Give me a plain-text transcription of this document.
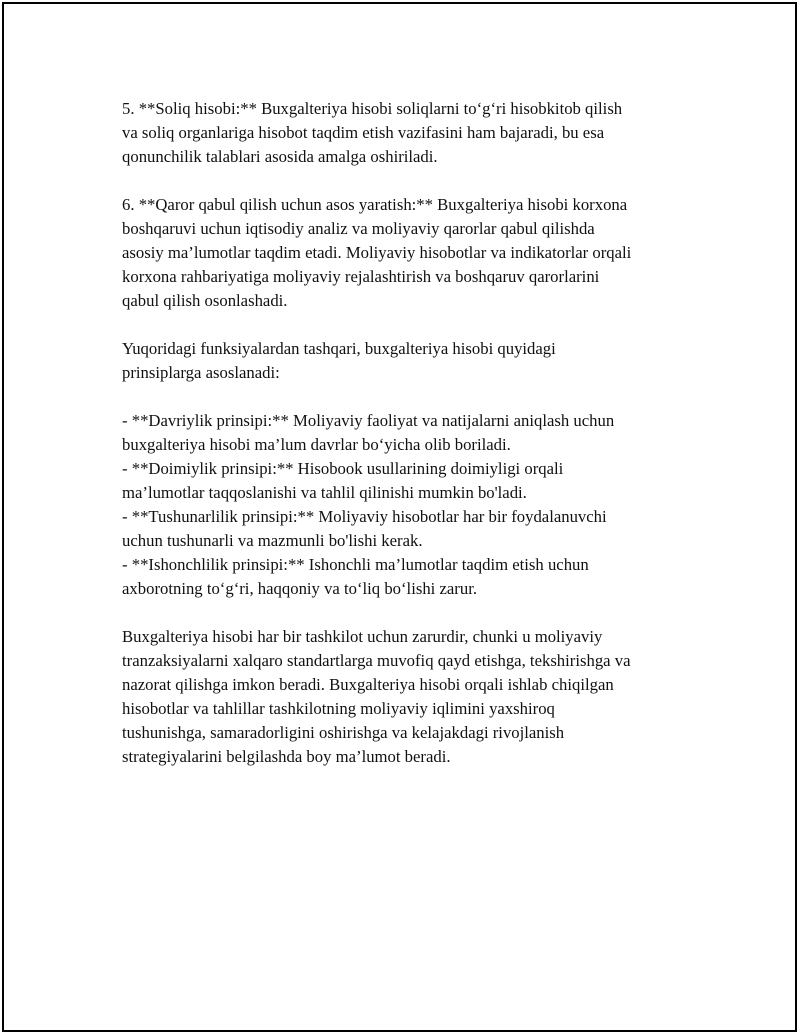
5. **Soliq hisobi:** Buxgalteriya hisobi soliqlarni to‘g‘ri hisobkitob qilish
va soliq organlariga hisobot taqdim etish vazifasini ham bajaradi, bu esa
qonunchilik talablari asosida amalga oshiriladi.

6. **Qaror qabul qilish uchun asos yaratish:** Buxgalteriya hisobi korxona
boshqaruvi uchun iqtisodiy analiz va moliyaviy qarorlar qabul qilishda
asosiy ma’lumotlar taqdim etadi. Moliyaviy hisobotlar va indikatorlar orqali
korxona rahbariyatiga moliyaviy rejalashtirish va boshqaruv qarorlarini
qabul qilish osonlashadi.

Yuqoridagi funksiyalardan tashqari, buxgalteriya hisobi quyidagi
prinsiplarga asoslanadi:

- **Davriylik prinsipi:** Moliyaviy faoliyat va natijalarni aniqlash uchun
buxgalteriya hisobi ma’lum davrlar bo‘yicha olib boriladi.
- **Doimiylik prinsipi:** Hisobook usullarining doimiyligi orqali
ma’lumotlar taqqoslanishi va tahlil qilinishi mumkin bo'ladi.
- **Tushunarlilik prinsipi:** Moliyaviy hisobotlar har bir foydalanuvchi
uchun tushunarli va mazmunli bo'lishi kerak.
- **Ishonchlilik prinsipi:** Ishonchli ma’lumotlar taqdim etish uchun
axborotning to‘g‘ri, haqqoniy va to‘liq bo‘lishi zarur.

Buxgalteriya hisobi har bir tashkilot uchun zarurdir, chunki u moliyaviy
tranzaksiyalarni xalqaro standartlarga muvofiq qayd etishga, tekshirishga va
nazorat qilishga imkon beradi. Buxgalteriya hisobi orqali ishlab chiqilgan
hisobotlar va tahlillar tashkilotning moliyaviy iqlimini yaxshiroq
tushunishga, samaradorligini oshirishga va kelajakdagi rivojlanish
strategiyalarini belgilashda boy ma’lumot beradi.
